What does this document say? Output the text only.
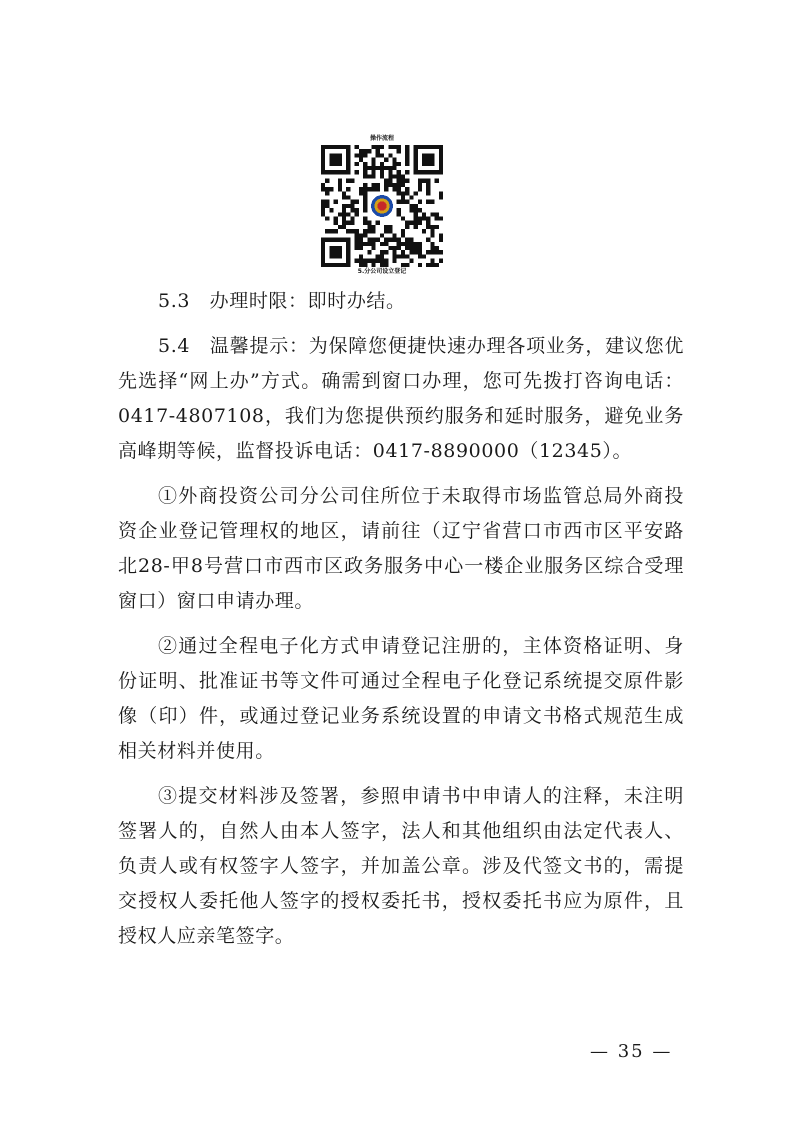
操作流程
5.分公司设立登记

5.3　办理时限：即时办结。

5.4　温馨提示：为保障您便捷快速办理各项业务，建议您优先选择“网上办”方式。确需到窗口办理，您可先拨打咨询电话：0417-4807108，我们为您提供预约服务和延时服务，避免业务高峰期等候，监督投诉电话：0417-8890000（12345）。

①外商投资公司分公司住所位于未取得市场监管总局外商投资企业登记管理权的地区，请前往（辽宁省营口市西市区平安路北28-甲8号营口市西市区政务服务中心一楼企业服务区综合受理窗口）窗口申请办理。

②通过全程电子化方式申请登记注册的，主体资格证明、身份证明、批准证书等文件可通过全程电子化登记系统提交原件影像（印）件，或通过登记业务系统设置的申请文书格式规范生成相关材料并使用。

③提交材料涉及签署，参照申请书中申请人的注释，未注明签署人的，自然人由本人签字，法人和其他组织由法定代表人、负责人或有权签字人签字，并加盖公章。涉及代签文书的，需提交授权人委托他人签字的授权委托书，授权委托书应为原件，且授权人应亲笔签字。

— 35 —
